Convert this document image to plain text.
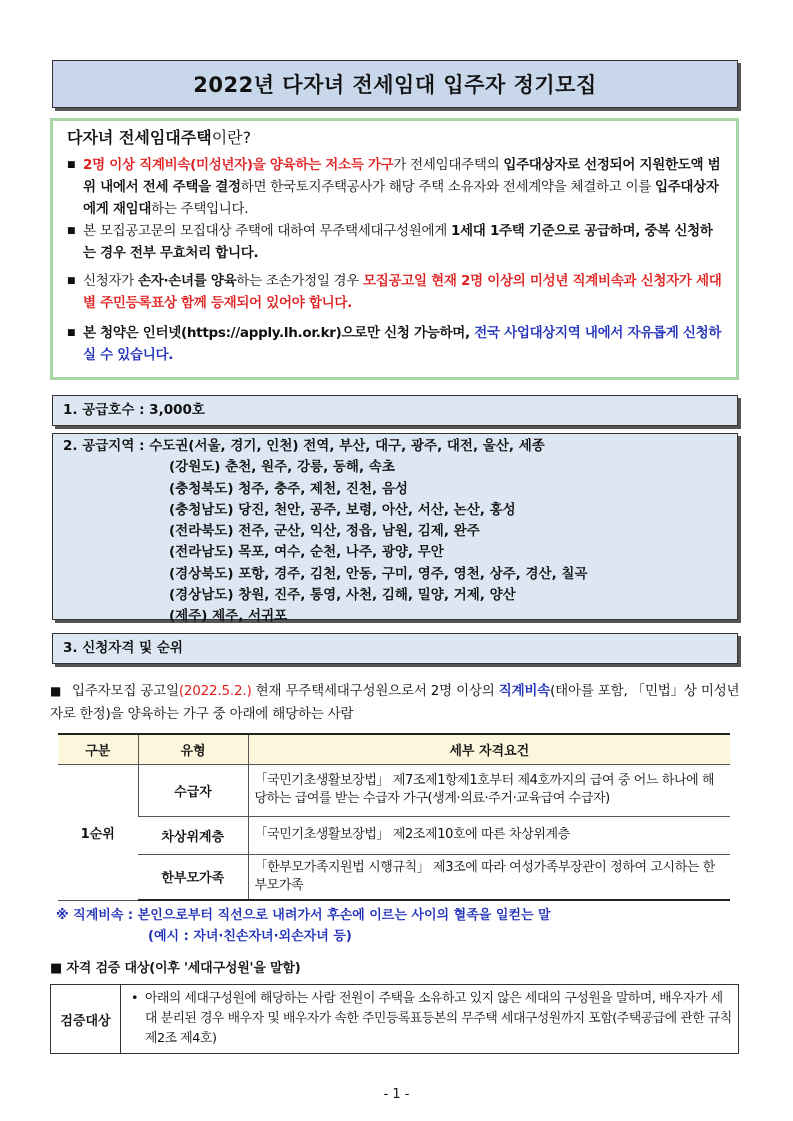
2022년 다자녀 전세임대 입주자 정기모집
다자녀 전세임대주택이란?
■ 2명 이상 직계비속(미성년자)을 양육하는 저소득 가구가 전세임대주택의 입주대상자로 선정되어 지원한도액 범위 내에서 전세 주택을 결정하면 한국토지주택공사가 해당 주택 소유자와 전세계약을 체결하고 이를 입주대상자에게 재임대하는 주택입니다.
■ 본 모집공고문의 모집대상 주택에 대하여 무주택세대구성원에게 1세대 1주택 기준으로 공급하며, 중복 신청하는 경우 전부 무효처리 합니다.
■ 신청자가 손자·손녀를 양육하는 조손가정일 경우 모집공고일 현재 2명 이상의 미성년 직계비속과 신청자가 세대별 주민등록표상 함께 등재되어 있어야 합니다.
■ 본 청약은 인터넷(https://apply.lh.or.kr)으로만 신청 가능하며, 전국 사업대상지역 내에서 자유롭게 신청하실 수 있습니다.
1. 공급호수 : 3,000호
2. 공급지역 : 수도권(서울, 경기, 인천) 전역, 부산, 대구, 광주, 대전, 울산, 세종
(강원도) 춘천, 원주, 강릉, 동해, 속초
(충청북도) 청주, 충주, 제천, 진천, 음성
(충청남도) 당진, 천안, 공주, 보령, 아산, 서산, 논산, 홍성
(전라북도) 전주, 군산, 익산, 정읍, 남원, 김제, 완주
(전라남도) 목포, 여수, 순천, 나주, 광양, 무안
(경상북도) 포항, 경주, 김천, 안동, 구미, 영주, 영천, 상주, 경산, 칠곡
(경상남도) 창원, 진주, 통영, 사천, 김해, 밀양, 거제, 양산
(제주) 제주, 서귀포
3. 신청자격 및 순위
■ 입주자모집 공고일(2022.5.2.) 현재 무주택세대구성원으로서 2명 이상의 직계비속(태아를 포함, 「민법」상 미성년자로 한정)을 양육하는 가구 중 아래에 해당하는 사람
구분	유형	세부 자격요건
1순위	수급자	「국민기초생활보장법」 제7조제1항제1호부터 제4호까지의 급여 중 어느 하나에 해당하는 급여를 받는 수급자 가구(생계·의료·주거·교육급여 수급자)
	차상위계층	「국민기초생활보장법」 제2조제10호에 따른 차상위계층
	한부모가족	「한부모가족지원법 시행규칙」 제3조에 따라 여성가족부장관이 정하여 고시하는 한부모가족
※ 직계비속 : 본인으로부터 직선으로 내려가서 후손에 이르는 사이의 혈족을 일컫는 말
(예시 : 자녀·친손자녀·외손자녀 등)
■ 자격 검증 대상(이후 '세대구성원'을 말함)
검증대상
• 아래의 세대구성원에 해당하는 사람 전원이 주택을 소유하고 있지 않은 세대의 구성원을 말하며, 배우자가 세대 분리된 경우 배우자 및 배우자가 속한 주민등록표등본의 무주택 세대구성원까지 포함(주택공급에 관한 규칙 제2조 제4호)
- 1 -
